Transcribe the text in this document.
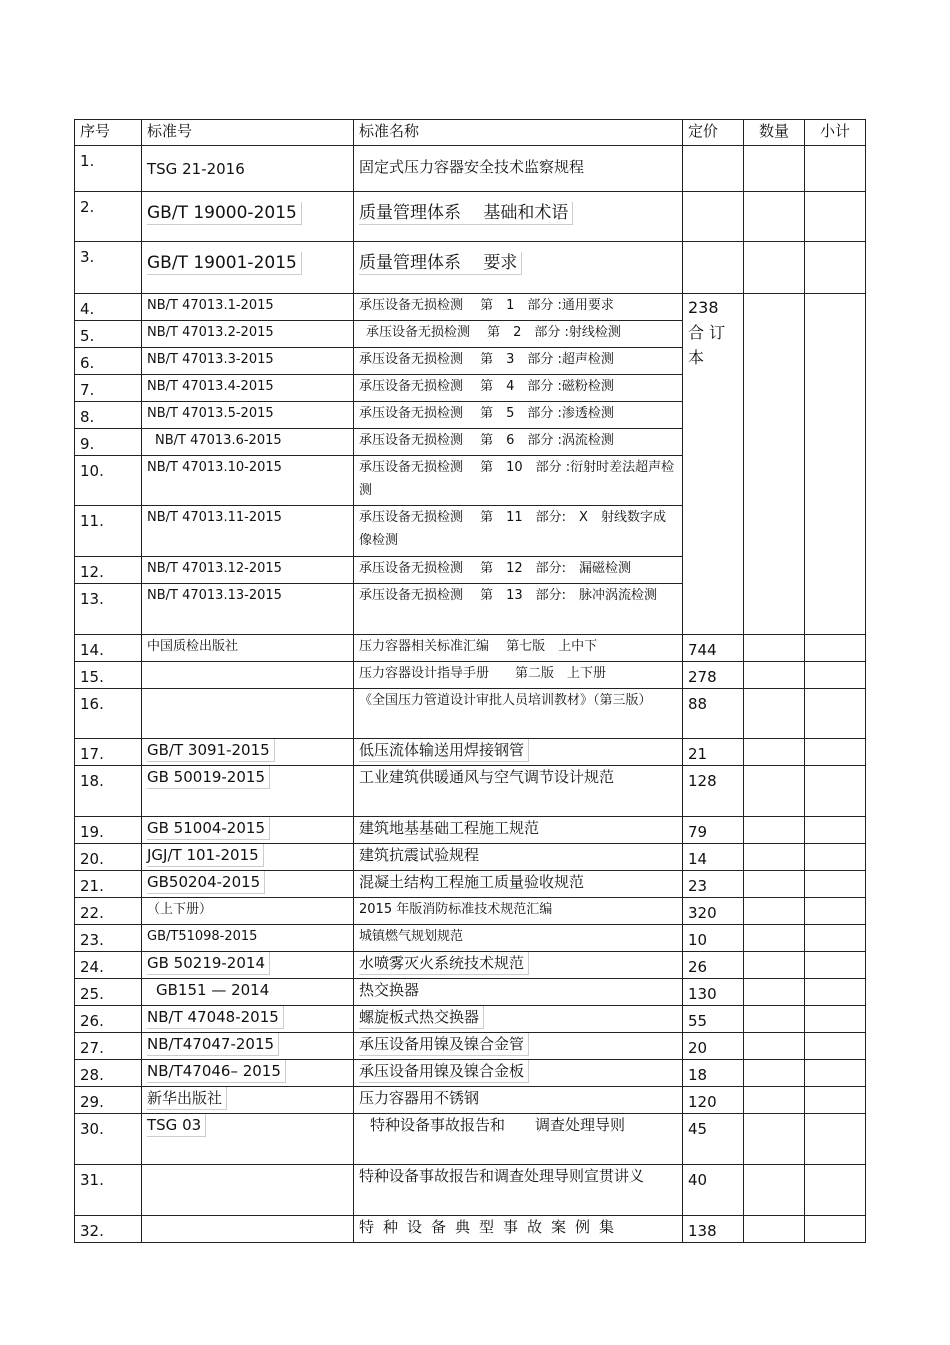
序号	标准号	标准名称	定价	数量	小计
1.	TSG 21-2016	固定式压力容器安全技术监察规程			
2.	GB/T 19000-2015	质量管理体系　 基础和术语			
3.	GB/T 19001-2015	质量管理体系　 要求			
4.	NB/T 47013.1-2015	承压设备无损检测　 第　1　部分 :通用要求	238 合 订 本		
5.	NB/T 47013.2-2015	承压设备无损检测　 第　2　部分 :射线检测			
6.	NB/T 47013.3-2015	承压设备无损检测　 第　3　部分 :超声检测			
7.	NB/T 47013.4-2015	承压设备无损检测　 第　4　部分 :磁粉检测			
8.	NB/T 47013.5-2015	承压设备无损检测　 第　5　部分 :渗透检测			
9.	NB/T 47013.6-2015	承压设备无损检测　 第　6　部分 :涡流检测			
10.	NB/T 47013.10-2015	承压设备无损检测　 第　10　部分 :衍射时差法超声检测			
11.	NB/T 47013.11-2015	承压设备无损检测　 第　11　部分:　X　射线数字成像检测			
12.	NB/T 47013.12-2015	承压设备无损检测　 第　12　部分:　漏磁检测			
13.	NB/T 47013.13-2015	承压设备无损检测　 第　13　部分:　脉冲涡流检测			
14.	中国质检出版社	压力容器相关标准汇编　 第七版　上中下	744		
15.		压力容器设计指导手册　　第二版　上下册	278		
16.		《全国压力管道设计审批人员培训教材》（第三版）	88		
17.	GB/T 3091-2015	低压流体输送用焊接钢管	21		
18.	GB 50019-2015	工业建筑供暖通风与空气调节设计规范	128		
19.	GB 51004-2015	建筑地基基础工程施工规范	79		
20.	JGJ/T 101-2015	建筑抗震试验规程	14		
21.	GB50204-2015	混凝土结构工程施工质量验收规范	23		
22.	（上下册）	2015 年版消防标准技术规范汇编	320		
23.	GB/T51098-2015	城镇燃气规划规范	10		
24.	GB 50219-2014	水喷雾灭火系统技术规范	26		
25.	GB151 — 2014	热交换器	130		
26.	NB/T 47048-2015	螺旋板式热交换器	55		
27.	NB/T47047-2015	承压设备用镍及镍合金管	20		
28.	NB/T47046– 2015	承压设备用镍及镍合金板	18		
29.	新华出版社	压力容器用不锈钢	120		
30.	TSG 03	特种设备事故报告和　　调查处理导则	45		
31.		特种设备事故报告和调查处理导则宣贯讲义	40		
32.		特种设备典型事故案例集	138		
